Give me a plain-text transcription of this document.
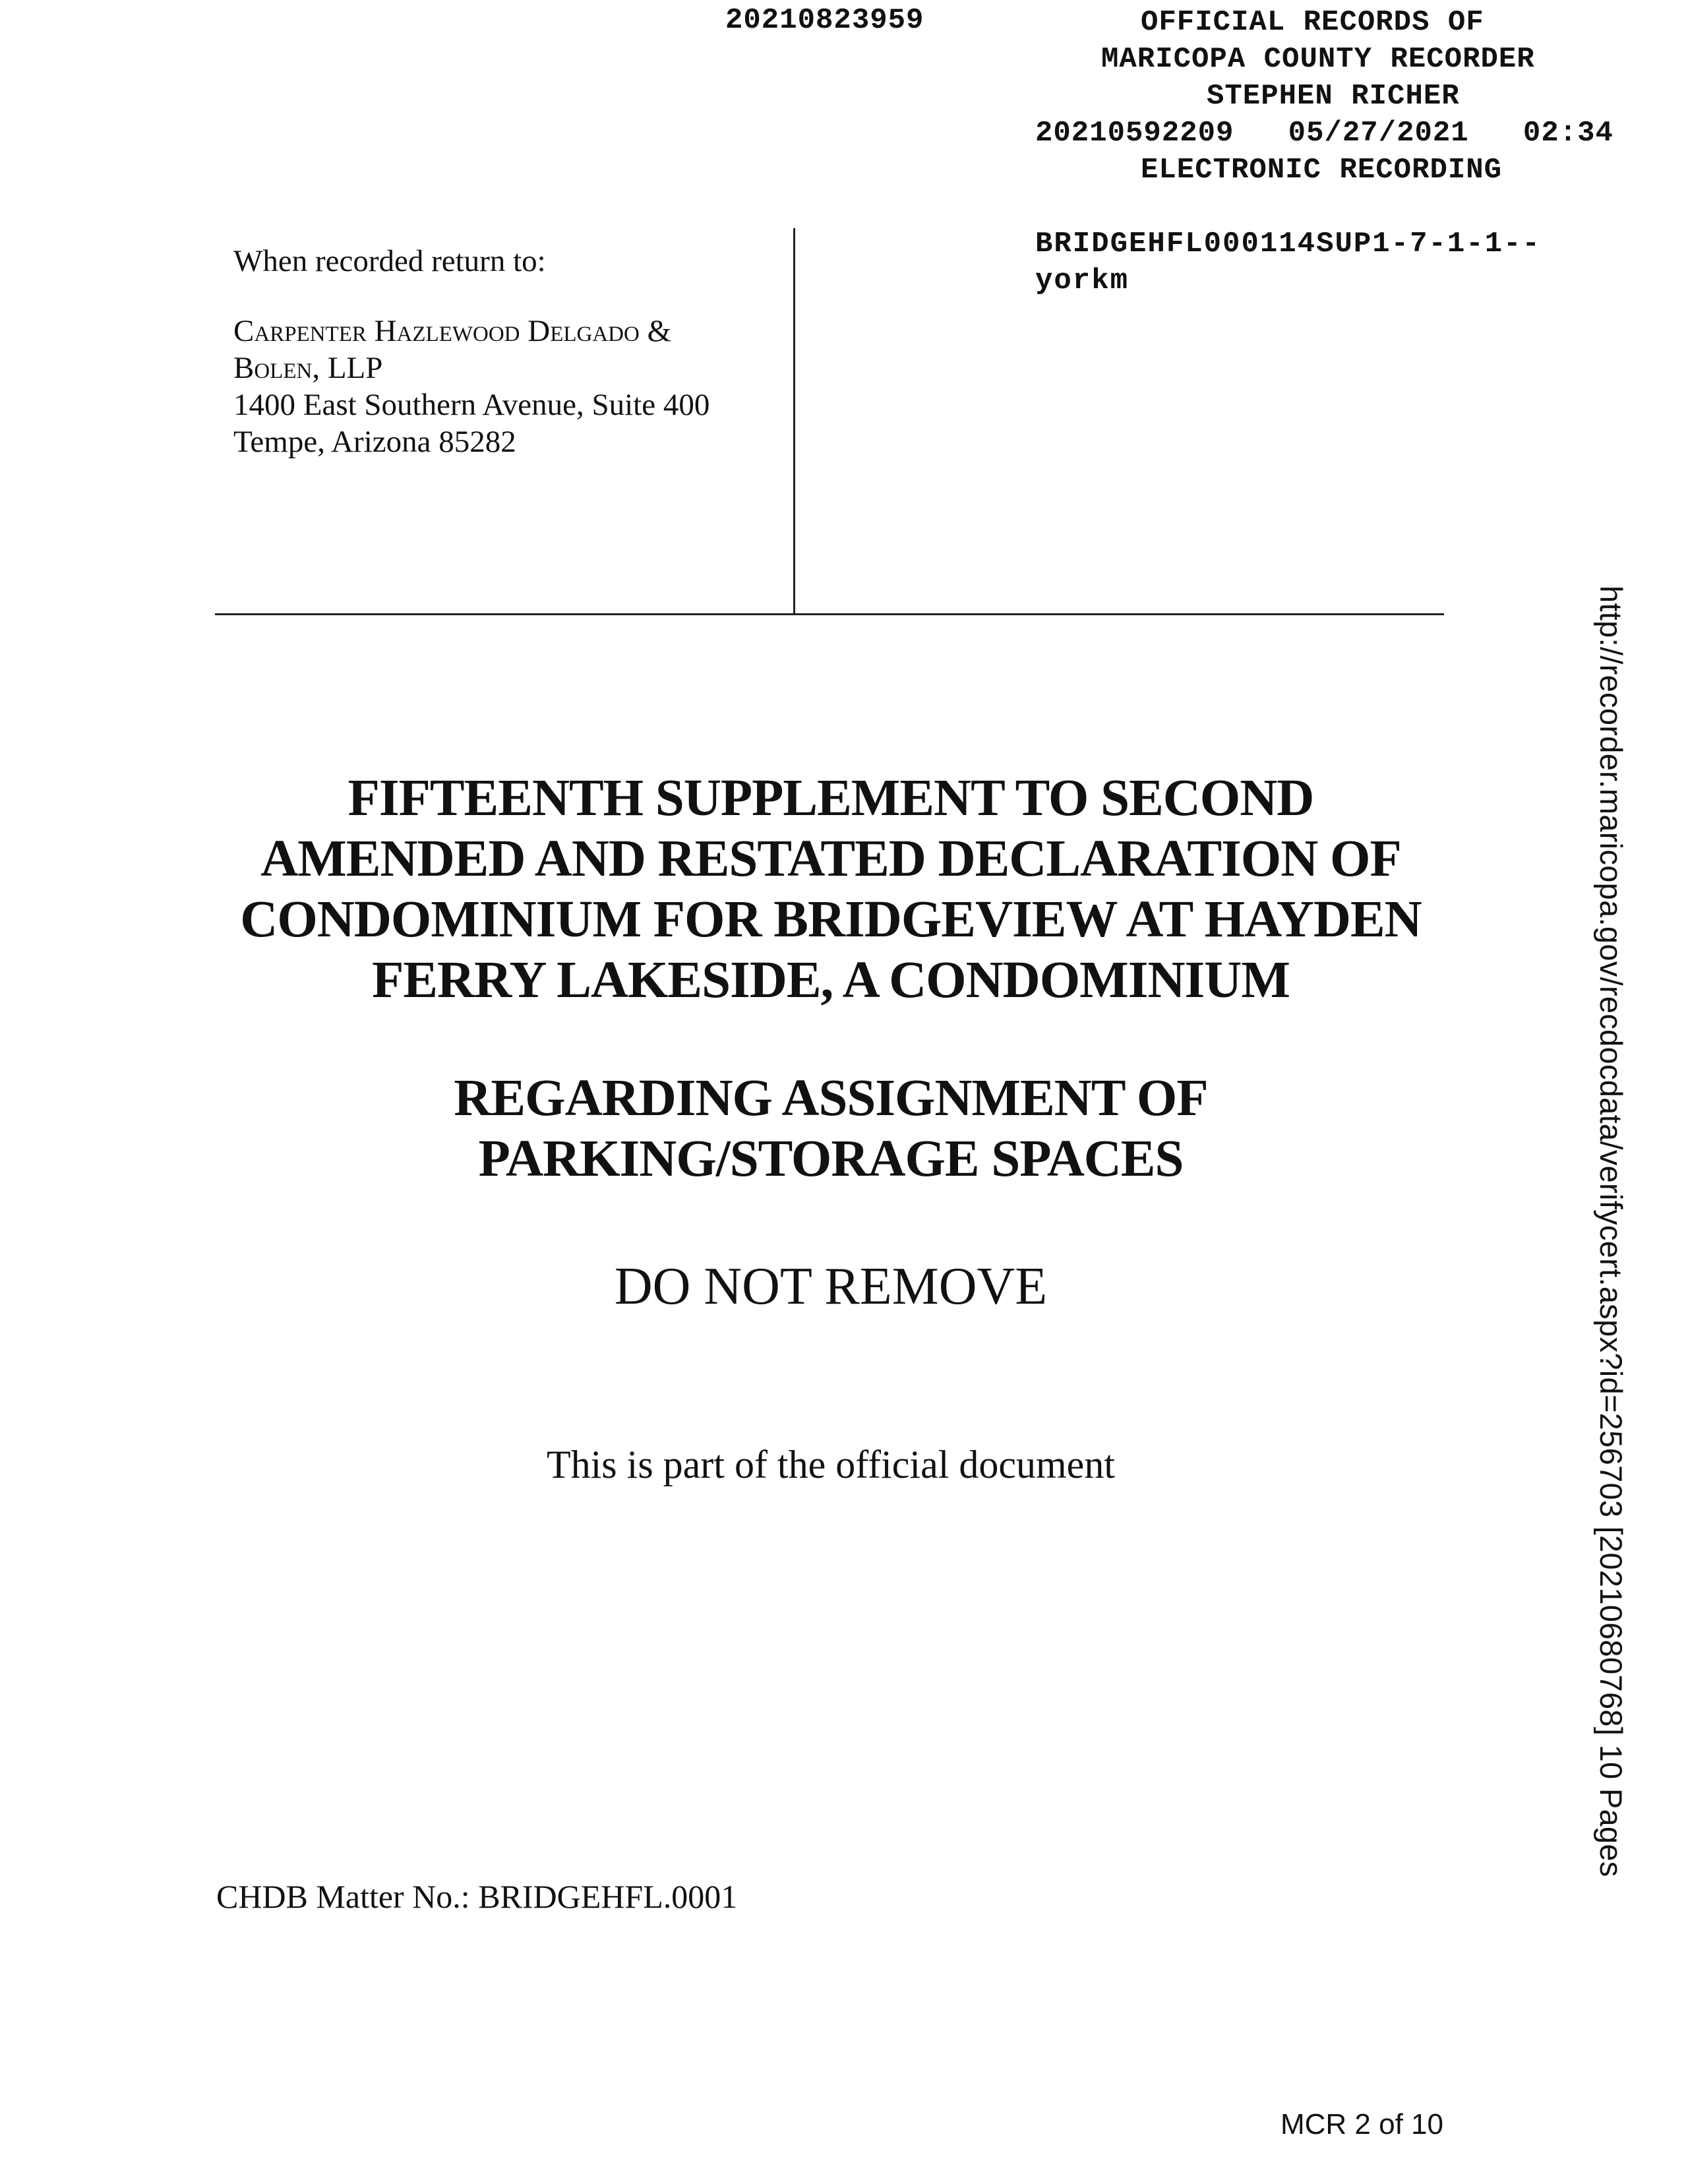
20210823959	OFFICIAL RECORDS OF
MARICOPA COUNTY RECORDER
STEPHEN RICHER
20210592209   05/27/2021   02:34
ELECTRONIC RECORDING
BRIDGEHFL000114SUP1-7-1-1--
yorkm
When recorded return to:
Carpenter Hazlewood Delgado &
Bolen, LLP
1400 East Southern Avenue, Suite 400
Tempe, Arizona 85282
FIFTEENTH SUPPLEMENT TO SECOND
AMENDED AND RESTATED DECLARATION OF
CONDOMINIUM FOR BRIDGEVIEW AT HAYDEN
FERRY LAKESIDE, A CONDOMINIUM
REGARDING ASSIGNMENT OF
PARKING/STORAGE SPACES
DO NOT REMOVE
This is part of the official document
CHDB Matter No.: BRIDGEHFL.0001
http://recorder.maricopa.gov/recdocdata/verifycert.aspx?id=256703 [20210680768] 10 Pages
MCR 2 of 10
